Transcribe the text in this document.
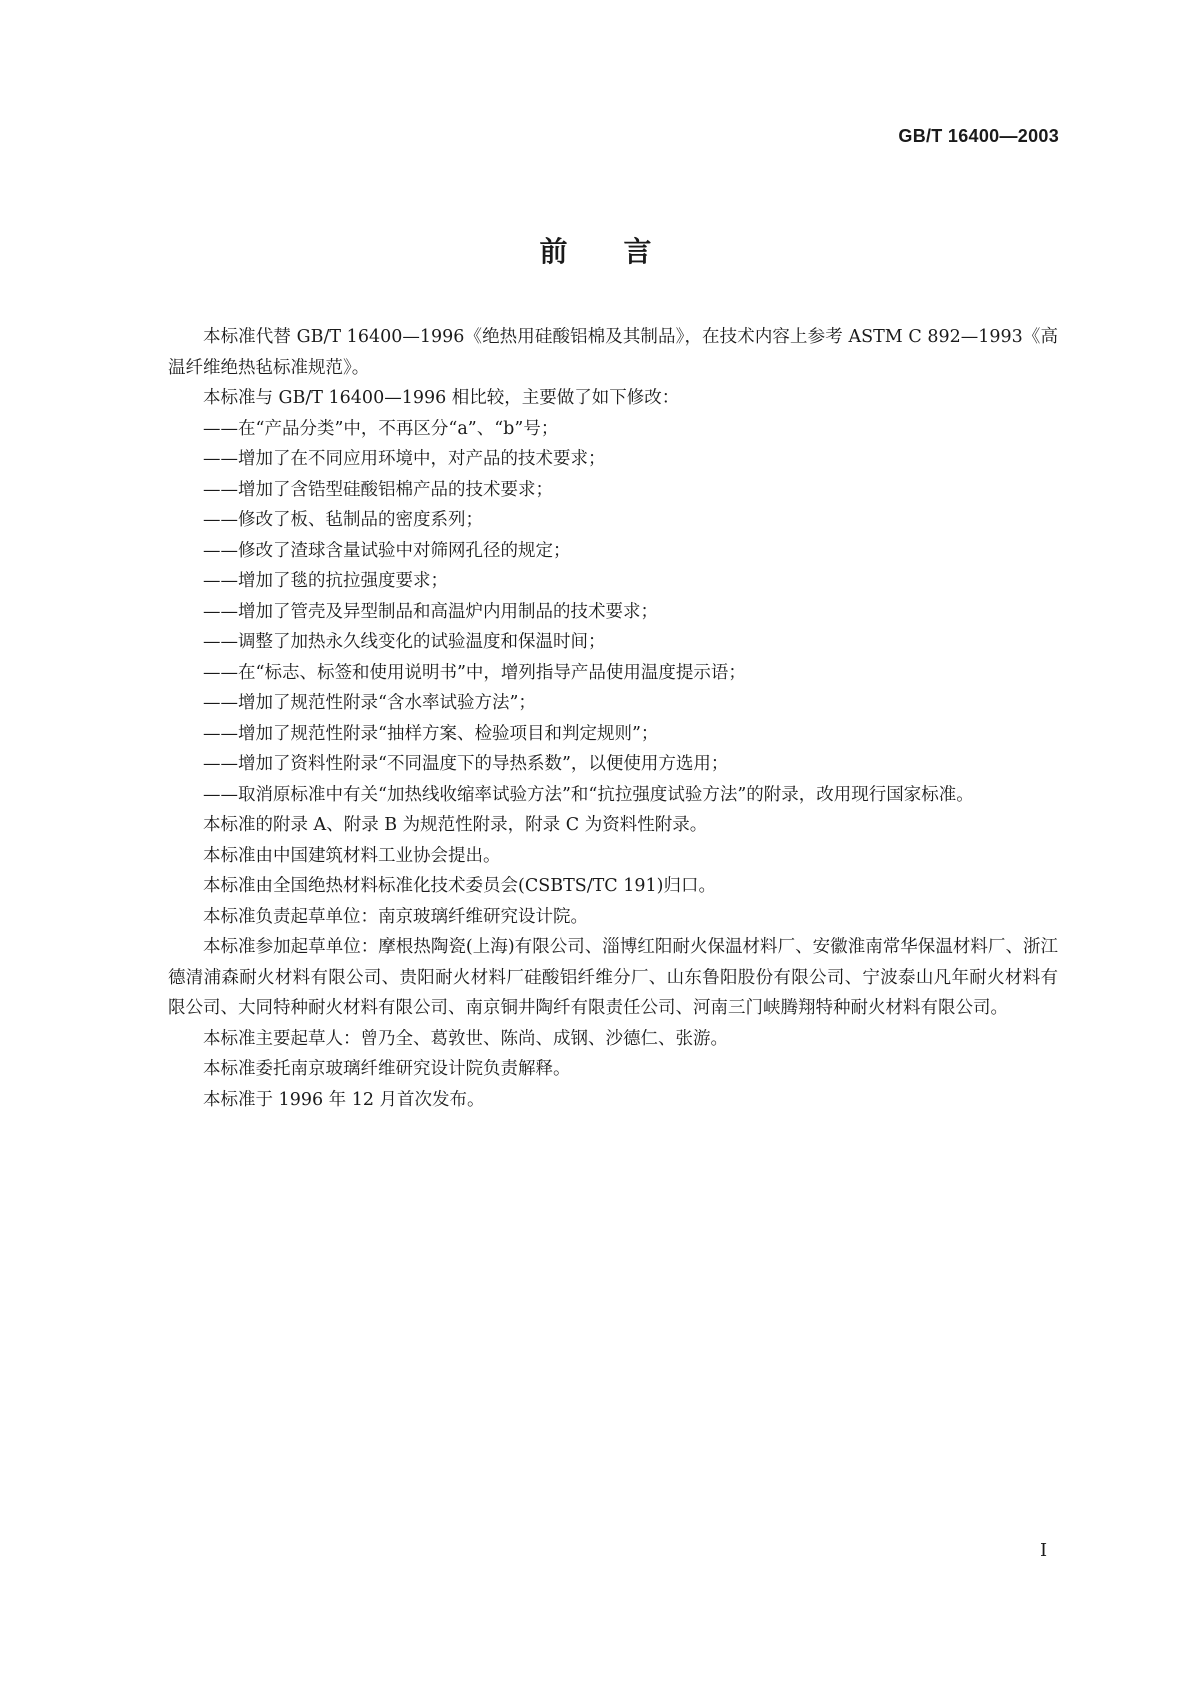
GB/T 16400—2003
前言

本标准代替 GB/T 16400—1996《绝热用硅酸铝棉及其制品》，在技术内容上参考 ASTM C 892—1993《高温纤维绝热毡标准规范》。

本标准与 GB/T 16400—1996 相比较，主要做了如下修改：

——在“产品分类”中，不再区分“a”、“b”号；

——增加了在不同应用环境中，对产品的技术要求；

——增加了含锆型硅酸铝棉产品的技术要求；

——修改了板、毡制品的密度系列；

——修改了渣球含量试验中对筛网孔径的规定；

——增加了毯的抗拉强度要求；

——增加了管壳及异型制品和高温炉内用制品的技术要求；

——调整了加热永久线变化的试验温度和保温时间；

——在“标志、标签和使用说明书”中，增列指导产品使用温度提示语；

——增加了规范性附录“含水率试验方法”；

——增加了规范性附录“抽样方案、检验项目和判定规则”；

——增加了资料性附录“不同温度下的导热系数”，以便使用方选用；

——取消原标准中有关“加热线收缩率试验方法”和“抗拉强度试验方法”的附录，改用现行国家标准。

本标准的附录 A、附录 B 为规范性附录，附录 C 为资料性附录。

本标准由中国建筑材料工业协会提出。

本标准由全国绝热材料标准化技术委员会(CSBTS/TC 191)归口。

本标准负责起草单位：南京玻璃纤维研究设计院。

本标准参加起草单位：摩根热陶瓷(上海)有限公司、淄博红阳耐火保温材料厂、安徽淮南常华保温材料厂、浙江德清浦森耐火材料有限公司、贵阳耐火材料厂硅酸铝纤维分厂、山东鲁阳股份有限公司、宁波泰山凡年耐火材料有限公司、大同特种耐火材料有限公司、南京铜井陶纤有限责任公司、河南三门峡腾翔特种耐火材料有限公司。

本标准主要起草人：曾乃全、葛敦世、陈尚、成钢、沙德仁、张游。

本标准委托南京玻璃纤维研究设计院负责解释。

本标准于 1996 年 12 月首次发布。

I
